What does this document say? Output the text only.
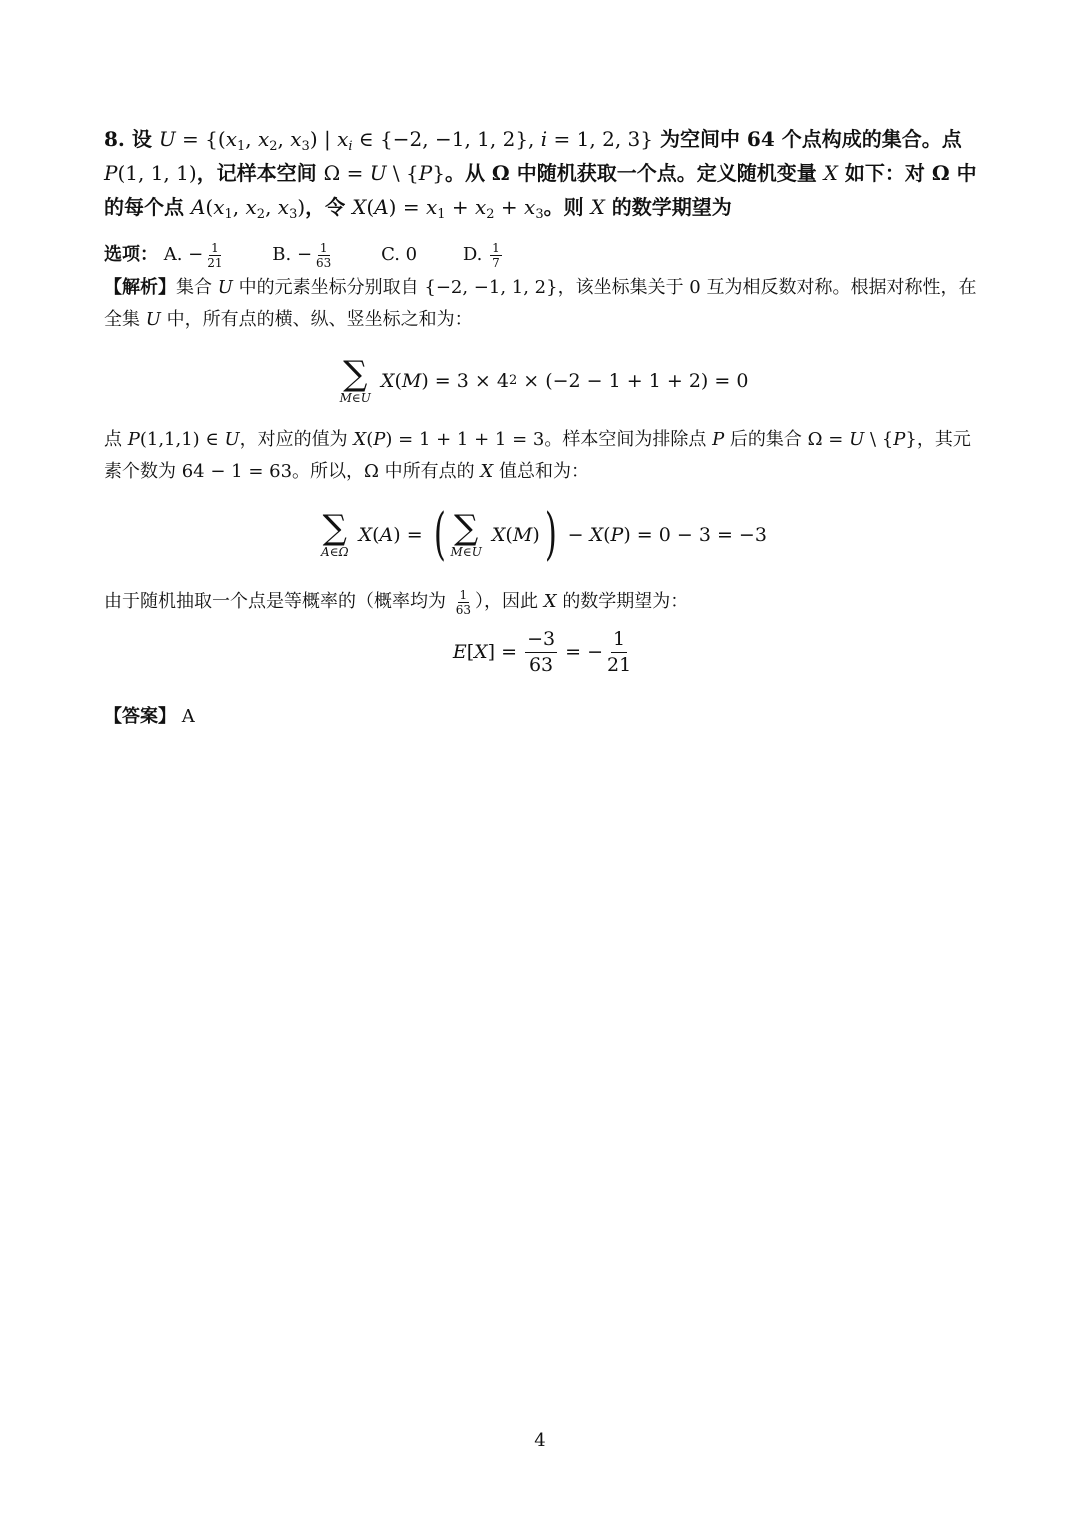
8. 设 $U = \{(x_1$, $x_2$, $x_3$) | $x_i$ ∈ {−2, −1, 1, 2}, i = 1, 2, 3} 为空间中 64 个点构成的集合。点 P(1, 1, 1)，记样本空间 Ω = U \ {P}。从 Ω 中随机获取一个点。定义随机变量 X 如下：对 Ω 中的每个点 $A(x_1$, $x_2$, $x_3$)，令 $X(A) = x_1 + x_2 + x_3$。则 X 的数学期望为

选项： A. − $\frac{1}{21}$	B. − $\frac{1}{63}$	C. 0	D. $\frac{1}{7}$

【解析】集合 U 中的元素坐标分别取自 {−2, −1, 1, 2}，该坐标集关于 0 互为相反数对称。根据对称性，在全集 U 中，所有点的横、纵、竖坐标之和为：

∑
M∈U
X(M) = 3 × 4 2
× (−2 − 1 + 1 + 2) = 0

点 P(1,1,1) ∈ U，对应的值为 X(P) = 1 + 1 + 1 = 3。样本空间为排除点 P 后的集合 Ω = U \ {P}，其元素个数为 64 − 1 = 63。所以，Ω 中所有点的 X 值总和为：

∑
A∈Ω
X(A) = ( ∑
M∈U
X(M) ) − X(P) = 0 − 3 = −3

由于随机抽取一个点是等概率的（概率均为 $\frac{1}{63}$ ），因此 X 的数学期望为：

$E[X] = \frac{-3}{63}$ = − $\frac{1}{21}$
【答案】 A
4
